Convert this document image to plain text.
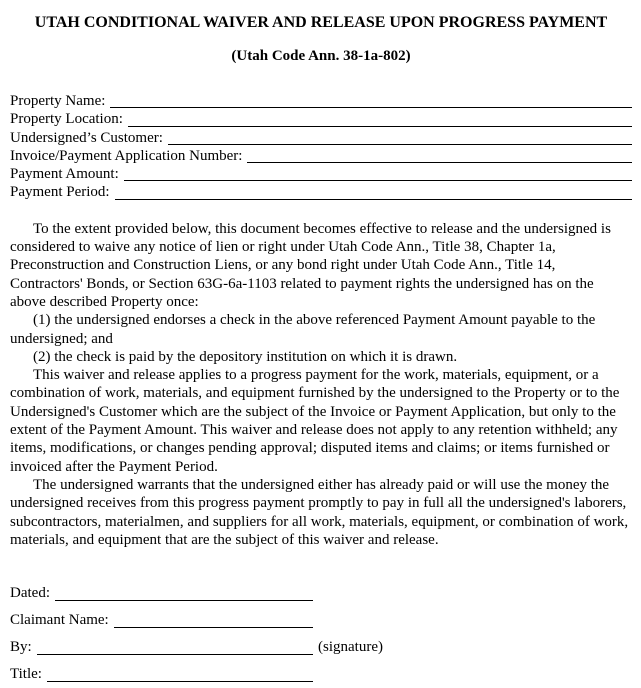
UTAH CONDITIONAL WAIVER AND RELEASE UPON PROGRESS PAYMENT
(Utah Code Ann. 38-1a-802)
Property Name:
Property Location:
Undersigned’s Customer:
Invoice/Payment Application Number:
Payment Amount:
Payment Period:

To the extent provided below, this document becomes effective to release and the undersigned is considered to waive any notice of lien or right under Utah Code Ann., Title 38, Chapter 1a, Preconstruction and Construction Liens, or any bond right under Utah Code Ann., Title 14, Contractors' Bonds, or Section 63G-6a-1103 related to payment rights the undersigned has on the above described Property once:

(1) the undersigned endorses a check in the above referenced Payment Amount payable to the undersigned; and

(2) the check is paid by the depository institution on which it is drawn.

This waiver and release applies to a progress payment for the work, materials, equipment, or a combination of work, materials, and equipment furnished by the undersigned to the Property or to the Undersigned's Customer which are the subject of the Invoice or Payment Application, but only to the extent of the Payment Amount. This waiver and release does not apply to any retention withheld; any items, modifications, or changes pending approval; disputed items and claims; or items furnished or invoiced after the Payment Period.

The undersigned warrants that the undersigned either has already paid or will use the money the undersigned receives from this progress payment promptly to pay in full all the undersigned's laborers, subcontractors, materialmen, and suppliers for all work, materials, equipment, or combination of work, materials, and equipment that are the subject of this waiver and release.

Dated:
Claimant Name:
By:	(signature)
Title:
